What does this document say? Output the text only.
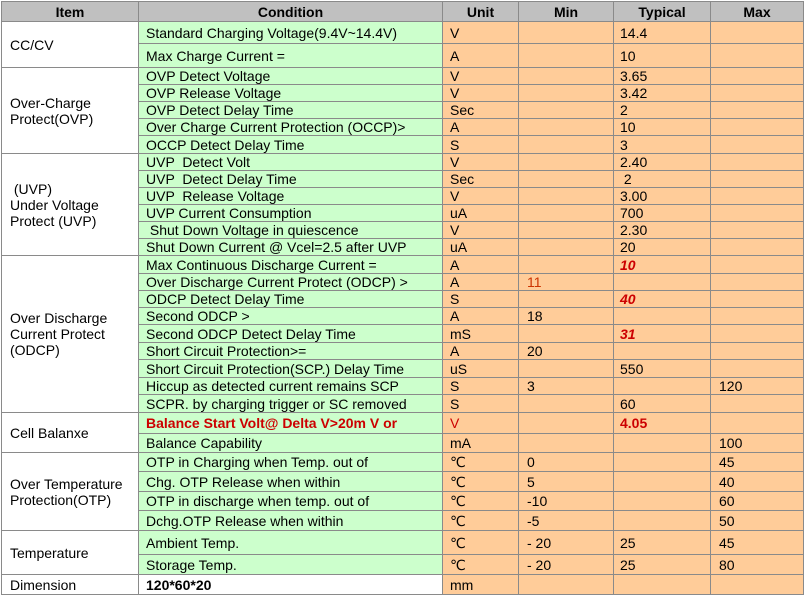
Item	Condition	Unit	Min	Typical	Max
CC/CV	Standard Charging Voltage(9.4V~14.4V)	V		14.4	
	Max Charge Current =	A		10	
Over-Charge
Protect(OVP)	OVP Detect Voltage	V		3.65	
	OVP Release Voltage	V		3.42	
	OVP Detect Delay Time	Sec		2	
	Over Charge Current Protection (OCCP)>	A		10	
	OCCP Detect Delay Time	S		3	
(UVP)
Under Voltage
Protect (UVP)	UVP  Detect Volt	V		2.40	
	UVP  Detect Delay Time	Sec		2	
	UVP  Release Voltage	V		3.00	
	UVP Current Consumption	uA		700	
	Shut Down Voltage in quiescence	V		2.30	
	Shut Down Current @ Vcel=2.5 after UVP	uA		20	
Over Discharge
Current Protect
(ODCP)	Max Continuous Discharge Current =	A		10	
	Over Discharge Current Protect (ODCP) >	A	11		
	ODCP Detect Delay Time	S		40	
	Second ODCP >	A	18		
	Second ODCP Detect Delay Time	mS		31	
	Short Circuit Protection>=	A	20		
	Short Circuit Protection(SCP.) Delay Time	uS		550	
	Hiccup as detected current remains SCP	S	3		120
	SCPR. by charging trigger or SC removed	S		60	
Cell Balanxe	Balance Start Volt@ Delta V>20m V or	V		4.05	
	Balance Capability	mA			100
Over Temperature
Protection(OTP)	OTP in Charging when Temp. out of	℃	0		45
	Chg. OTP Release when within	℃	5		40
	OTP in discharge when temp. out of	℃	-10		60
	Dchg.OTP Release when within	℃	-5		50
Temperature	Ambient Temp.	℃	- 20	25	45
	Storage Temp.	℃	- 20	25	80
Dimension	120*60*20	mm			
